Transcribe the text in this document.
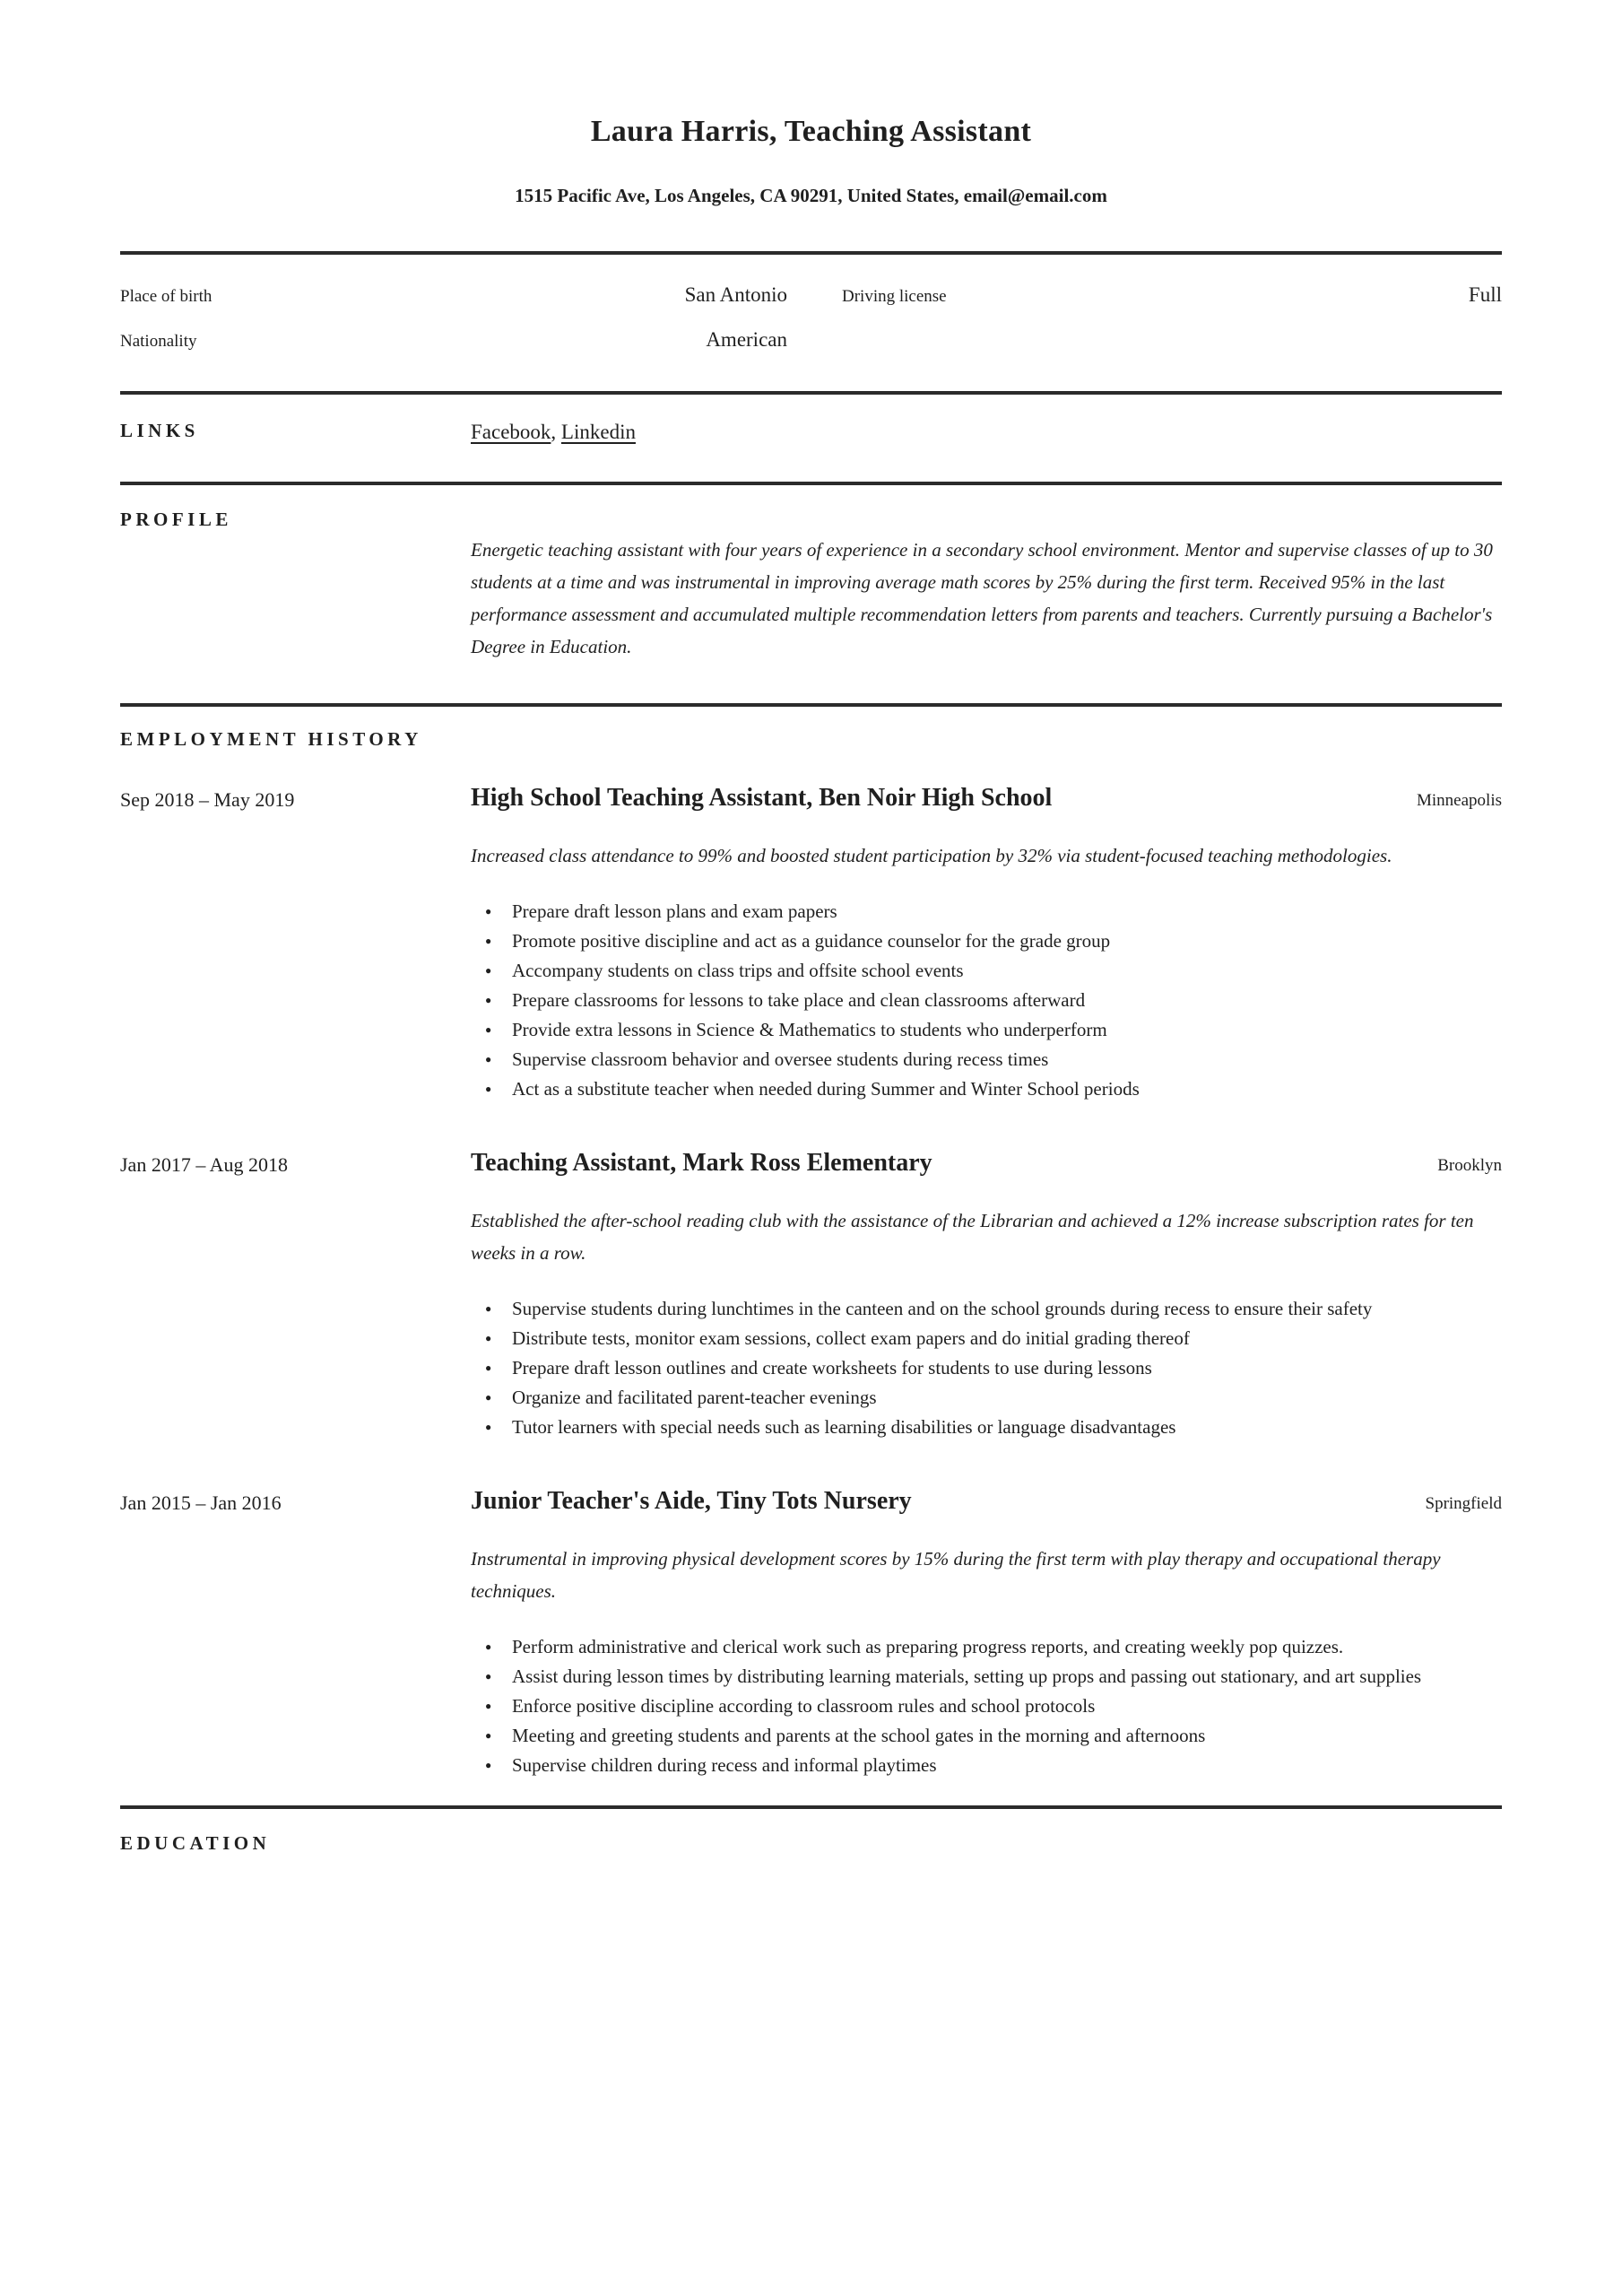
Laura Harris, Teaching Assistant
1515 Pacific Ave, Los Angeles, CA 90291, United States, email@email.com
Place of birth	San Antonio	Driving license	Full
Nationality	American
LINKS	Facebook, Linkedin
PROFILE

Energetic teaching assistant with four years of experience in a secondary school environment. Mentor and supervise classes of up to 30 students at a time and was instrumental in improving average math scores by 25% during the first term. Received 95% in the last performance assessment and accumulated multiple recommendation letters from parents and teachers. Currently pursuing a Bachelor's Degree in Education.

EMPLOYMENT HISTORY
Sep 2018 – May 2019	High School Teaching Assistant, Ben Noir High School	Minneapolis

Increased class attendance to 99% and boosted student participation by 32% via student-focused teaching methodologies.

● Prepare draft lesson plans and exam papers
● Promote positive discipline and act as a guidance counselor for the grade group
● Accompany students on class trips and offsite school events
● Prepare classrooms for lessons to take place and clean classrooms afterward
● Provide extra lessons in Science & Mathematics to students who underperform
● Supervise classroom behavior and oversee students during recess times
● Act as a substitute teacher when needed during Summer and Winter School periods
Jan 2017 – Aug 2018	Teaching Assistant, Mark Ross Elementary	Brooklyn

Established the after-school reading club with the assistance of the Librarian and achieved a 12% increase subscription rates for ten weeks in a row.

● Supervise students during lunchtimes in the canteen and on the school grounds during recess to ensure their safety
● Distribute tests, monitor exam sessions, collect exam papers and do initial grading thereof
● Prepare draft lesson outlines and create worksheets for students to use during lessons
● Organize and facilitated parent-teacher evenings
● Tutor learners with special needs such as learning disabilities or language disadvantages
Jan 2015 – Jan 2016	Junior Teacher's Aide, Tiny Tots Nursery	Springfield

Instrumental in improving physical development scores by 15% during the first term with play therapy and occupational therapy techniques.

● Perform administrative and clerical work such as preparing progress reports, and creating weekly pop quizzes.
● Assist during lesson times by distributing learning materials, setting up props and passing out stationary, and art supplies
● Enforce positive discipline according to classroom rules and school protocols
● Meeting and greeting students and parents at the school gates in the morning and afternoons
● Supervise children during recess and informal playtimes
EDUCATION
